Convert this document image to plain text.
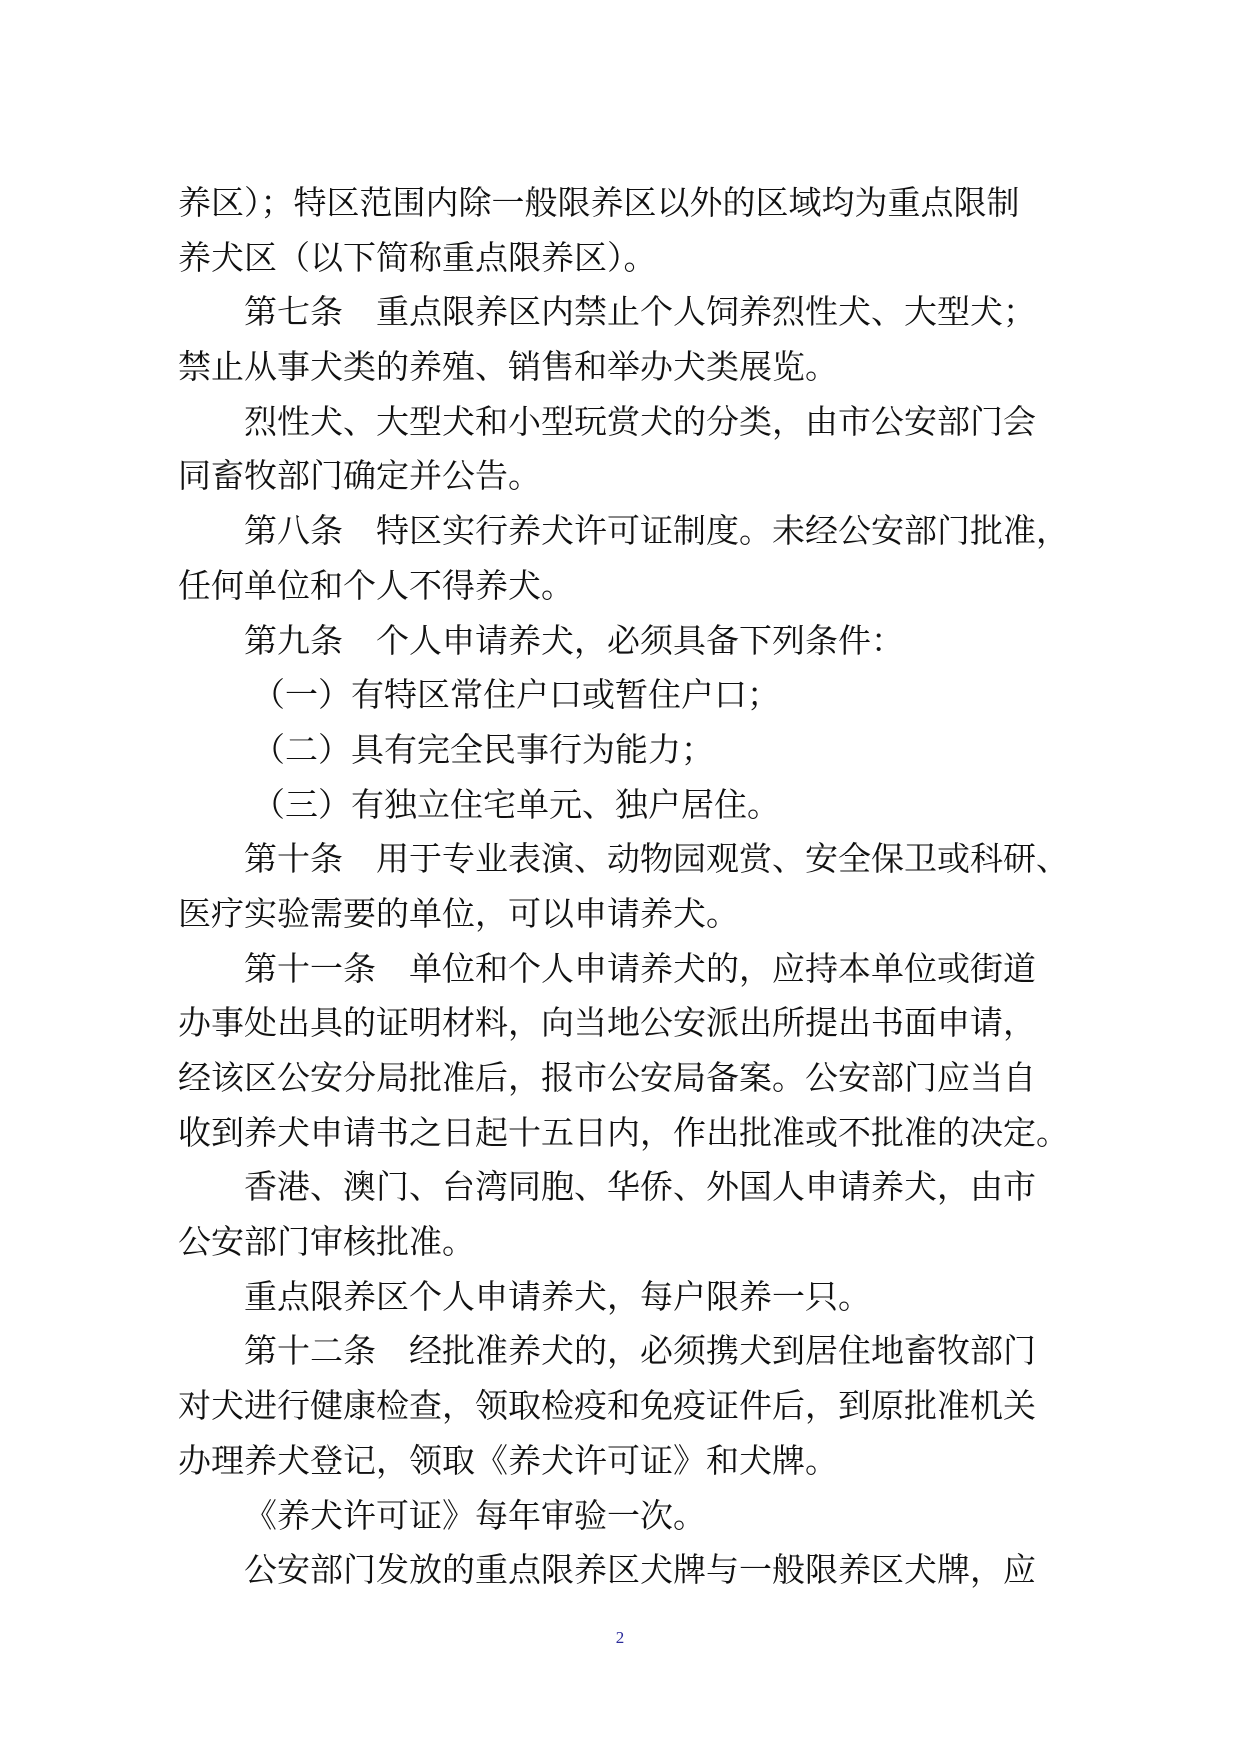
养区）；特区范围内除一般限养区以外的区域均为重点限制
养犬区（以下简称重点限养区）。
第七条　重点限养区内禁止个人饲养烈性犬、大型犬；
禁止从事犬类的养殖、销售和举办犬类展览。
烈性犬、大型犬和小型玩赏犬的分类，由市公安部门会
同畜牧部门确定并公告。
第八条　特区实行养犬许可证制度。未经公安部门批准，
任何单位和个人不得养犬。
第九条　个人申请养犬，必须具备下列条件：
（一）有特区常住户口或暂住户口；
（二）具有完全民事行为能力；
（三）有独立住宅单元、独户居住。
第十条　用于专业表演、动物园观赏、安全保卫或科研、
医疗实验需要的单位，可以申请养犬。
第十一条　单位和个人申请养犬的，应持本单位或街道
办事处出具的证明材料，向当地公安派出所提出书面申请，
经该区公安分局批准后，报市公安局备案。公安部门应当自
收到养犬申请书之日起十五日内，作出批准或不批准的决定。
香港、澳门、台湾同胞、华侨、外国人申请养犬，由市
公安部门审核批准。
重点限养区个人申请养犬，每户限养一只。
第十二条　经批准养犬的，必须携犬到居住地畜牧部门
对犬进行健康检查，领取检疫和免疫证件后，到原批准机关
办理养犬登记，领取《养犬许可证》和犬牌。
《养犬许可证》每年审验一次。
公安部门发放的重点限养区犬牌与一般限养区犬牌，应
2
